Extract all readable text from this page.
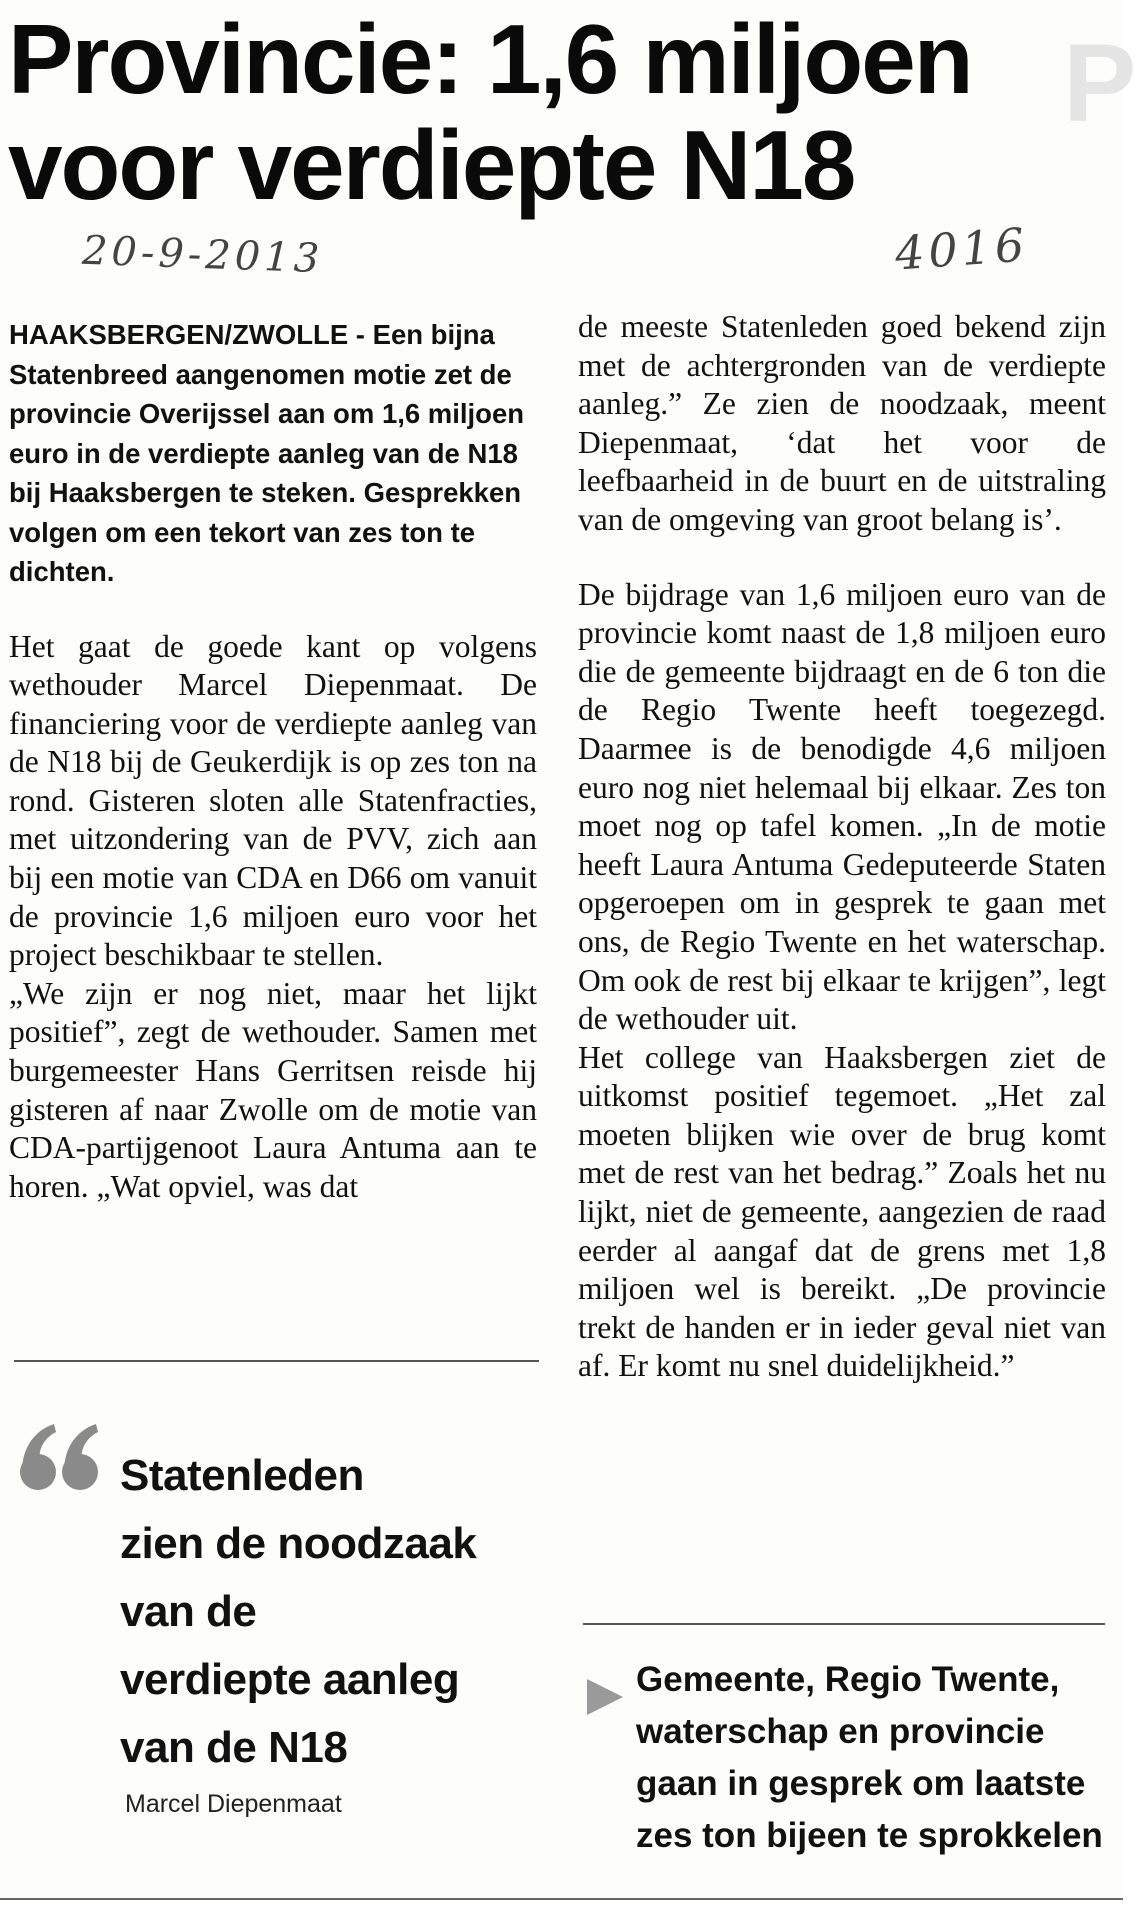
P
Provincie: 1,6 miljoen
voor verdiepte N18
20-9-2013	4016

HAAKSBERGEN/ZWOLLE - Een bijna Statenbreed aangenomen motie zet de provincie Overijssel aan om 1,6 miljoen euro in de verdiepte aanleg van de N18 bij Haaksbergen te steken. Gesprekken volgen om een tekort van zes ton te dichten.

Het gaat de goede kant op volgens wethouder Marcel Diepenmaat. De financiering voor de verdiepte aanleg van de N18 bij de Geukerdijk is op zes ton na rond. Gisteren sloten alle Statenfracties, met uitzondering van de PVV, zich aan bij een motie van CDA en D66 om vanuit de provincie 1,6 miljoen euro voor het project beschikbaar te stellen.

„We zijn er nog niet, maar het lijkt positief”, zegt de wethouder. Samen met burgemeester Hans Gerritsen reisde hij gisteren af naar Zwolle om de motie van CDA-partijgenoot Laura Antuma aan te horen. „Wat opviel, was dat

de meeste Statenleden goed bekend zijn met de achtergronden van de verdiepte aanleg.” Ze zien de noodzaak, meent Diepenmaat, ‘dat het voor de leefbaarheid in de buurt en de uitstraling van de omgeving van groot belang is’.

De bijdrage van 1,6 miljoen euro van de provincie komt naast de 1,8 miljoen euro die de gemeente bijdraagt en de 6 ton die de Regio Twente heeft toegezegd. Daarmee is de benodigde 4,6 miljoen euro nog niet helemaal bij elkaar. Zes ton moet nog op tafel komen. „In de motie heeft Laura Antuma Gedeputeerde Staten opgeroepen om in gesprek te gaan met ons, de Regio Twente en het waterschap. Om ook de rest bij elkaar te krijgen”, legt de wethouder uit.

Het college van Haaksbergen ziet de uitkomst positief tegemoet. „Het zal moeten blijken wie over de brug komt met de rest van het bedrag.” Zoals het nu lijkt, niet de gemeente, aangezien de raad eerder al aangaf dat de grens met 1,8 miljoen wel is bereikt. „De provincie trekt de handen er in ieder geval niet van af. Er komt nu snel duidelijkheid.”

Statenleden
zien de noodzaak
van de
verdiepte aanleg
van de N18

Marcel Diepenmaat

Gemeente, Regio Twente,
waterschap en provincie
gaan in gesprek om laatste
zes ton bijeen te sprokkelen
